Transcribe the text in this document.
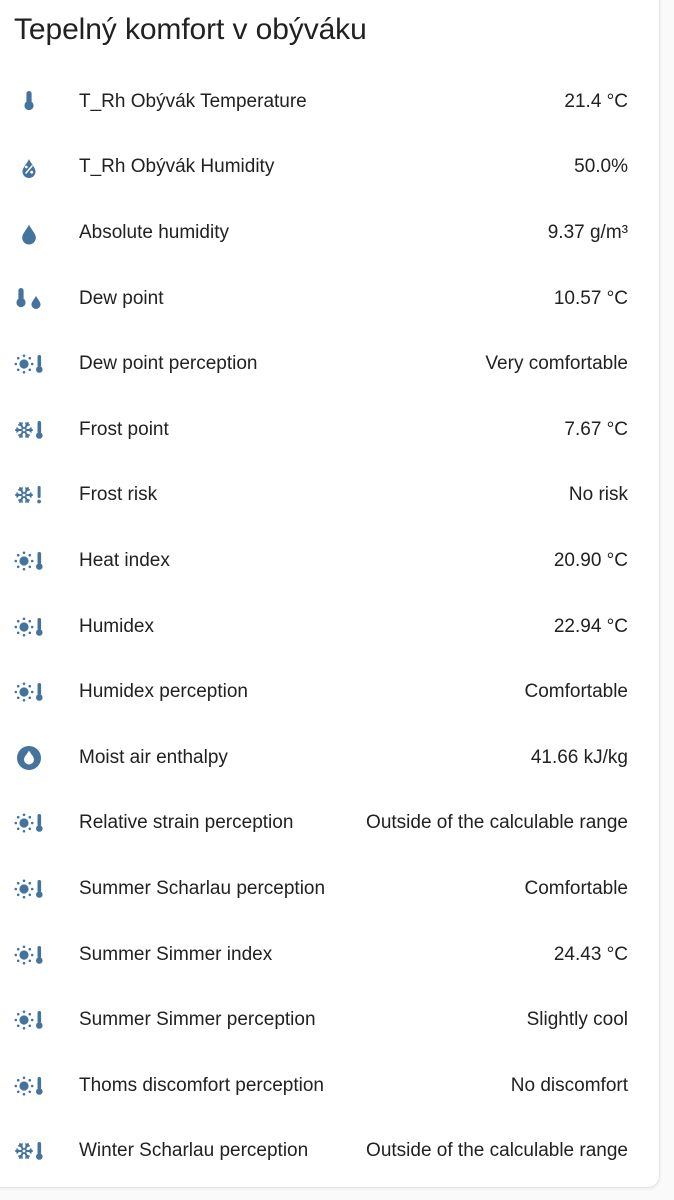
Tepelný komfort v obýváku
T_Rh Obývák Temperature	21.4 °C
T_Rh Obývák Humidity	50.0%
Absolute humidity	9.37 g/m³
Dew point	10.57 °C
Dew point perception	Very comfortable
Frost point	7.67 °C
Frost risk	No risk
Heat index	20.90 °C
Humidex	22.94 °C
Humidex perception	Comfortable
Moist air enthalpy	41.66 kJ/kg
Relative strain perception	Outside of the calculable range
Summer Scharlau perception	Comfortable
Summer Simmer index	24.43 °C
Summer Simmer perception	Slightly cool
Thoms discomfort perception	No discomfort
Winter Scharlau perception	Outside of the calculable range
